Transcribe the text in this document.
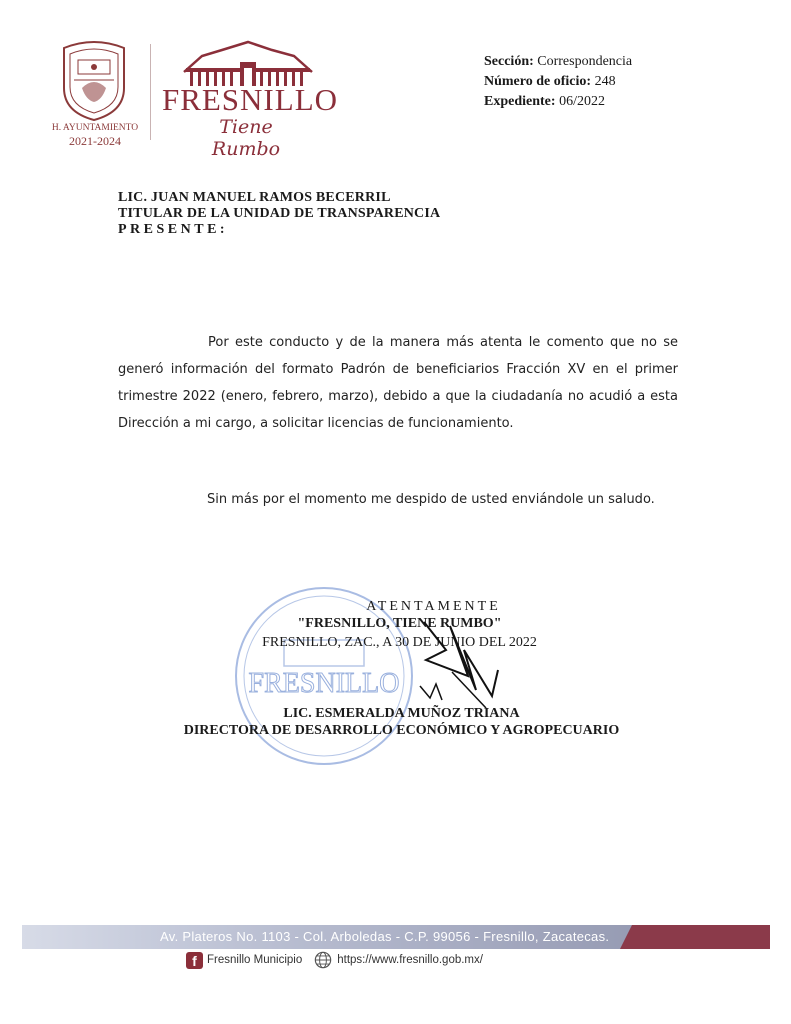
H. AYUNTAMIENTO
2021-2024
FRESNILLO
Tiene Rumbo
Sección: Correspondencia
Número de oficio: 248
Expediente: 06/2022
LIC. JUAN MANUEL RAMOS BECERRIL
TITULAR DE LA UNIDAD DE TRANSPARENCIA
PRESENTE:
Por este conducto y de la manera más atenta le comento que no se generó información del formato Padrón de beneficiarios Fracción XV en el primer trimestre 2022 (enero, febrero, marzo), debido a que la ciudadanía no acudió a esta Dirección a mi cargo, a solicitar licencias de funcionamiento.
Sin más por el momento me despido de usted enviándole un saludo.
FRESNILLO
ATENTAMENTE
"FRESNILLO, TIENE RUMBO"
FRESNILLO, ZAC., A 30 DE JUNIO DEL 2022
LIC. ESMERALDA MUÑOZ TRIANA
DIRECTORA DE DESARROLLO ECONÓMICO Y AGROPECUARIO
Av. Plateros No. 1103 - Col. Arboledas - C.P. 99056 - Fresnillo, Zacatecas.
f Fresnillo Municipio	https://www.fresnillo.gob.mx/
